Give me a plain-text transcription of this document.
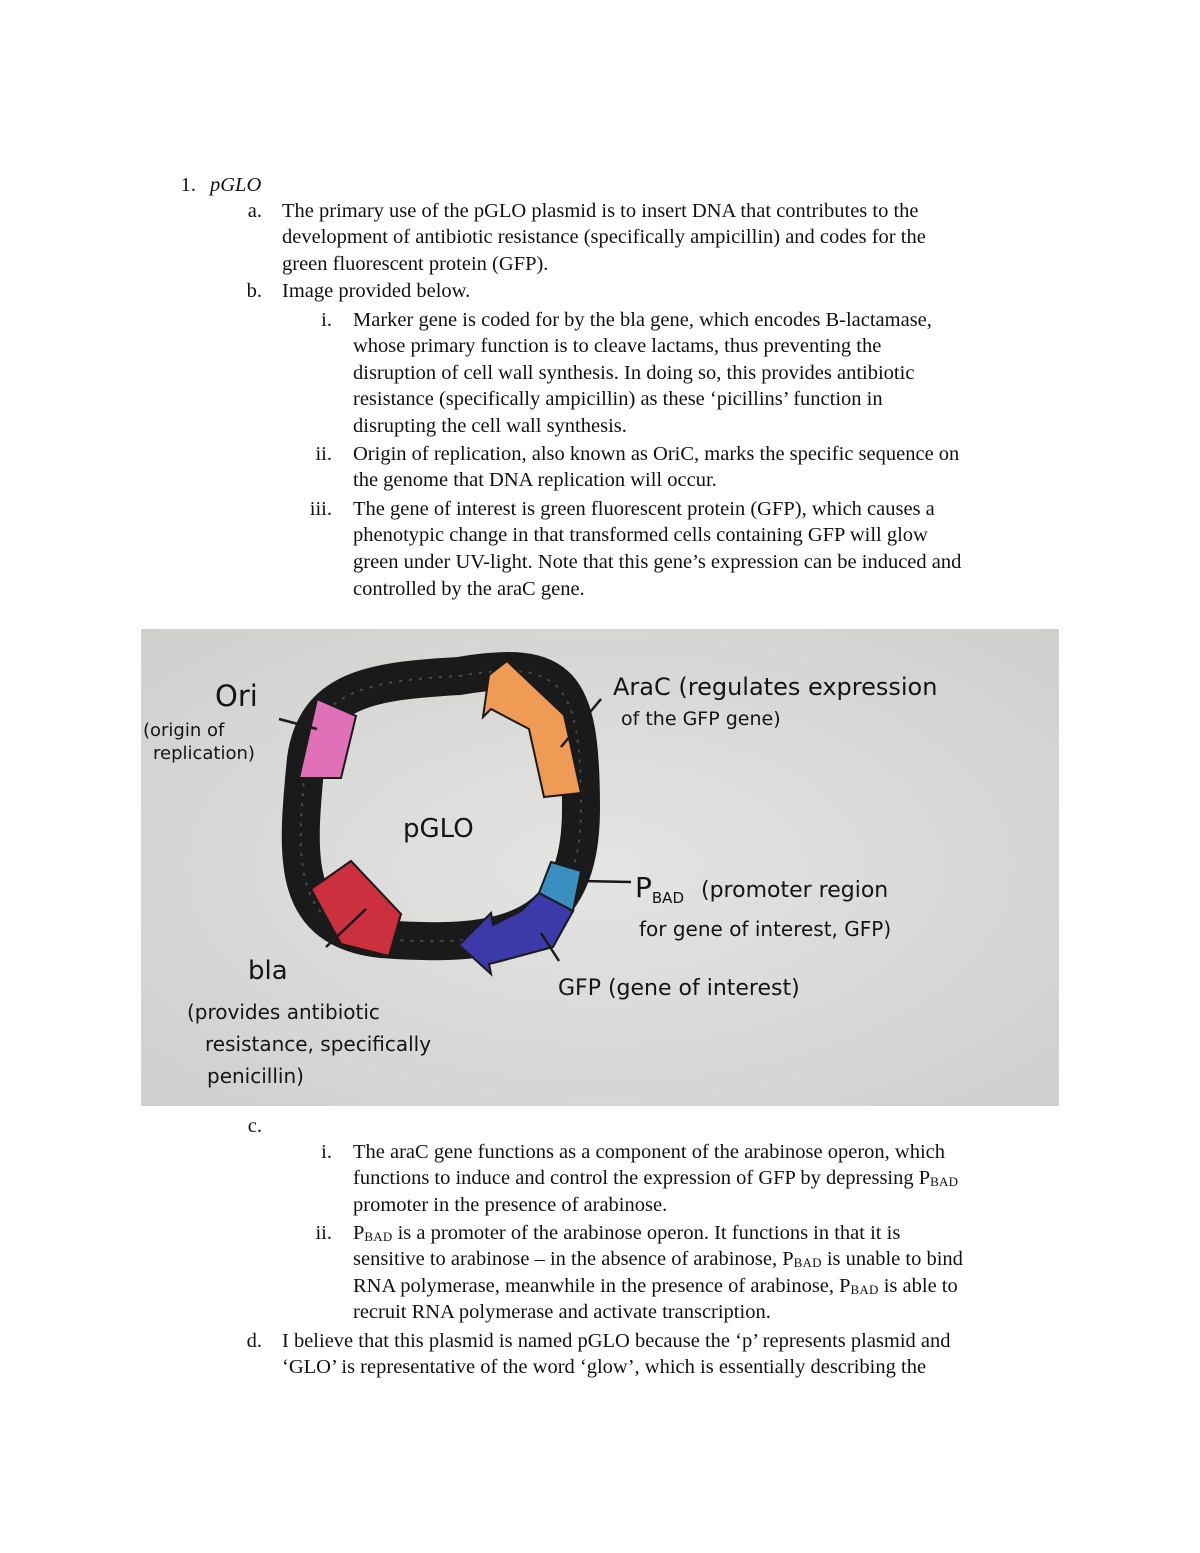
1. pGLO
a. The primary use of the pGLO plasmid is to insert DNA that contributes to the
development of antibiotic resistance (specifically ampicillin) and codes for the
green fluorescent protein (GFP).
b. Image provided below.
i. Marker gene is coded for by the bla gene, which encodes B-lactamase,
whose primary function is to cleave lactams, thus preventing the
disruption of cell wall synthesis. In doing so, this provides antibiotic
resistance (specifically ampicillin) as these ‘picillins’ function in
disrupting the cell wall synthesis.
ii. Origin of replication, also known as OriC, marks the specific sequence on
the genome that DNA replication will occur.
iii. The gene of interest is green fluorescent protein (GFP), which causes a
phenotypic change in that transformed cells containing GFP will glow
green under UV-light. Note that this gene’s expression can be induced and
controlled by the araC gene.
pGLO
Ori
(origin of
replication)
AraC (regulates expression
of the GFP gene)
$P_{BAD}$ (promoter region
for gene of interest, GFP)
GFP (gene of interest)
bla
(provides antibiotic
resistance, specifically
penicillin)
c.
i. The araC gene functions as a component of the arabinose operon, which
functions to induce and control the expression of GFP by depressing PBAD
promoter in the presence of arabinose.
ii. PBAD is a promoter of the arabinose operon. It functions in that it is
sensitive to arabinose – in the absence of arabinose, PBAD is unable to bind
RNA polymerase, meanwhile in the presence of arabinose, PBAD is able to
recruit RNA polymerase and activate transcription.
d. I believe that this plasmid is named pGLO because the ‘p’ represents plasmid and
‘GLO’ is representative of the word ‘glow’, which is essentially describing the
